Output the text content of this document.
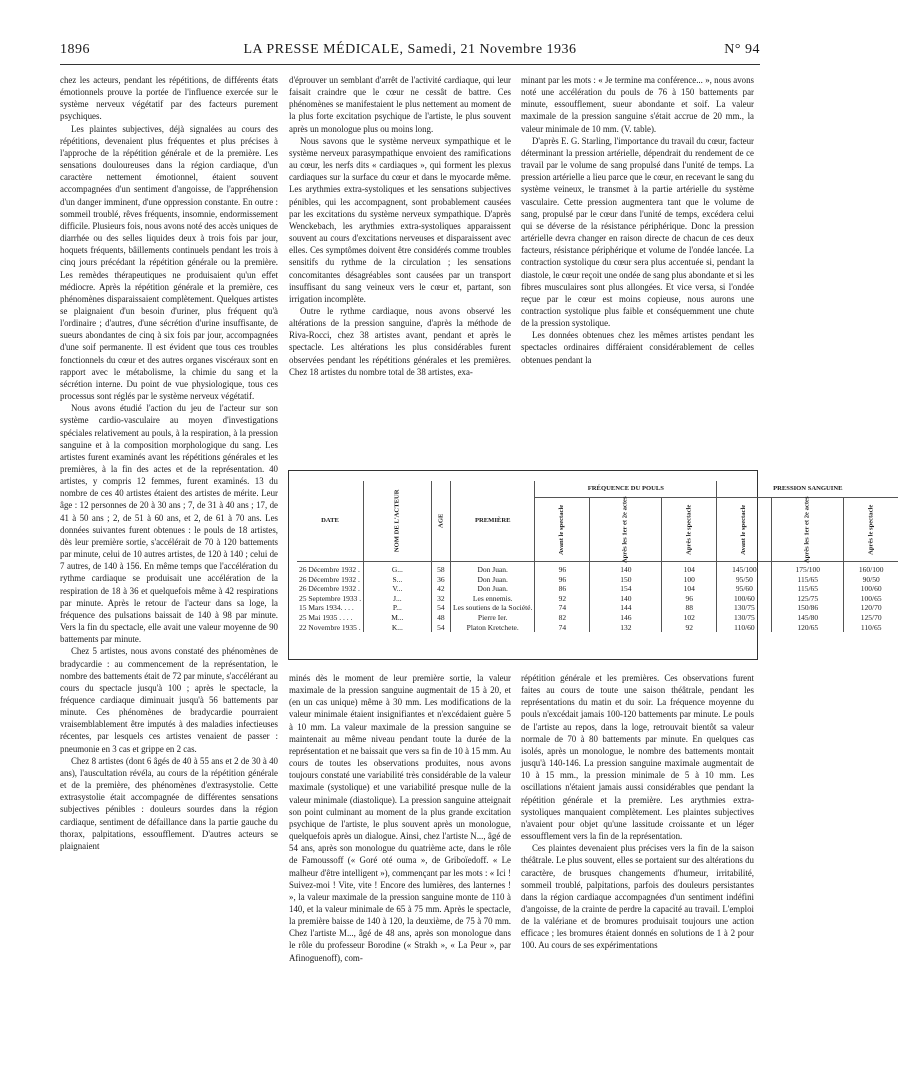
1896	LA PRESSE MÉDICALE, Samedi, 21 Novembre 1936	N° 94

chez les acteurs, pendant les répétitions, de différents états émotionnels prouve la portée de l'influence exercée sur le système nerveux végétatif par des facteurs purement psychiques.

Les plaintes subjectives, déjà signalées au cours des répétitions, devenaient plus fréquentes et plus précises à l'approche de la répétition générale et de la première. Les sensations douloureuses dans la région cardiaque, d'un caractère nettement émotionnel, étaient souvent accompagnées d'un sentiment d'angoisse, de l'appréhension d'un danger imminent, d'une oppression constante. En outre : sommeil troublé, rêves fréquents, insomnie, endormissement difficile. Plusieurs fois, nous avons noté des accès uniques de diarrhée ou des selles liquides deux à trois fois par jour, hoquets fréquents, bâillements continuels pendant les trois à cinq jours précédant la répétition générale ou la première. Les remèdes thérapeutiques ne produisaient qu'un effet médiocre. Après la répétition générale et la première, ces phénomènes disparaissaient complètement. Quelques artistes se plaignaient d'un besoin d'uriner, plus fréquent qu'à l'ordinaire ; d'autres, d'une sécrétion d'urine insuffisante, de sueurs abondantes de cinq à six fois par jour, accompagnées d'une soif permanente. Il est évident que tous ces troubles fonctionnels du cœur et des autres organes viscéraux sont en rapport avec le métabolisme, la chimie du sang et la sécrétion interne. Du point de vue physiologique, tous ces processus sont réglés par le système nerveux végétatif.

Nous avons étudié l'action du jeu de l'acteur sur son système cardio-vasculaire au moyen d'investigations spéciales relativement au pouls, à la respiration, à la pression sanguine et à la composition morphologique du sang. Les artistes furent examinés avant les répétitions générales et les premières, à la fin des actes et de la représentation. 40 artistes, y compris 12 femmes, furent examinés. 13 du nombre de ces 40 artistes étaient des artistes de mérite. Leur âge : 12 personnes de 20 à 30 ans ; 7, de 31 à 40 ans ; 17, de 41 à 50 ans ; 2, de 51 à 60 ans, et 2, de 61 à 70 ans. Les données suivantes furent obtenues : le pouls de 18 artistes, dès leur première sortie, s'accélérait de 70 à 120 battements par minute, celui de 10 autres artistes, de 120 à 140 ; celui de 7 autres, de 140 à 156. En même temps que l'accélération du rythme cardiaque se produisait une accélération de la respiration de 18 à 36 et quelquefois même à 42 respirations par minute. Après le retour de l'acteur dans sa loge, la fréquence des pulsations baissait de 140 à 98 par minute. Vers la fin du spectacle, elle avait une valeur moyenne de 90 battements par minute.

Chez 5 artistes, nous avons constaté des phénomènes de bradycardie : au commencement de la représentation, le nombre des battements était de 72 par minute, s'accélérant au cours du spectacle jusqu'à 100 ; après le spectacle, la fréquence cardiaque diminuait jusqu'à 56 battements par minute. Ces phénomènes de bradycardie pourraient vraisemblablement être imputés à des maladies infectieuses récentes, par lesquels ces artistes venaient de passer : pneumonie en 3 cas et grippe en 2 cas.

Chez 8 artistes (dont 6 âgés de 40 à 55 ans et 2 de 30 à 40 ans), l'auscultation révéla, au cours de la répétition générale et de la première, des phénomènes d'extrasystolie. Cette extrasystolie était accompagnée de différentes sensations subjectives pénibles : douleurs sourdes dans la région cardiaque, sentiment de défaillance dans la partie gauche du thorax, palpitations, essoufflement. D'autres acteurs se plaignaient

d'éprouver un semblant d'arrêt de l'activité cardiaque, qui leur faisait craindre que le cœur ne cessât de battre. Ces phénomènes se manifestaient le plus nettement au moment de la plus forte excitation psychique de l'artiste, le plus souvent après un monologue plus ou moins long.

Nous savons que le système nerveux sympathique et le système nerveux parasympathique envoient des ramifications au cœur, les nerfs dits « cardiaques », qui forment les plexus cardiaques sur la surface du cœur et dans le myocarde même. Les arythmies extra-systoliques et les sensations subjectives pénibles, qui les accompagnent, sont probablement causées par les excitations du système nerveux sympathique. D'après Wenckebach, les arythmies extra-systoliques apparaissent souvent au cours d'excitations nerveuses et disparaissent avec elles. Ces symptômes doivent être considérés comme troubles sensitifs du rythme de la circulation ; les sensations concomitantes désagréables sont causées par un transport insuffisant du sang veineux vers le cœur et, partant, son irrigation incomplète.

Outre le rythme cardiaque, nous avons observé les altérations de la pression sanguine, d'après la méthode de Riva-Rocci, chez 38 artistes avant, pendant et après le spectacle. Les altérations les plus considérables furent observées pendant les répétitions générales et les premières. Chez 18 artistes du nombre total de 38 artistes, exa-

minant par les mots : « Je termine ma conférence... », nous avons noté une accélération du pouls de 76 à 150 battements par minute, essoufflement, sueur abondante et soif. La valeur maximale de la pression sanguine s'était accrue de 20 mm., la valeur minimale de 10 mm. (V. table).

D'après E. G. Starling, l'importance du travail du cœur, facteur déterminant la pression artérielle, dépendrait du rendement de ce travail par le volume de sang propulsé dans l'unité de temps. La pression artérielle a lieu parce que le cœur, en recevant le sang du système veineux, le transmet à la partie artérielle du système vasculaire. Cette pression augmentera tant que le volume de sang, propulsé par le cœur dans l'unité de temps, excédera celui qui se déverse de la résistance périphérique. Donc la pression artérielle devra changer en raison directe de chacun de ces deux facteurs, résistance périphérique et volume de l'ondée lancée. La contraction systolique du cœur sera plus accentuée si, pendant la diastole, le cœur reçoit une ondée de sang plus abondante et si les fibres musculaires sont plus allongées. Et vice versa, si l'ondée reçue par le cœur est moins copieuse, nous aurons une contraction systolique plus faible et conséquemment une chute de la pression systolique.

Les données obtenues chez les mêmes artistes pendant les spectacles ordinaires différaient considérablement de celles obtenues pendant la

DATE	NOM DE L'ACTEUR	AGE	PREMIÈRE	FRÉQUENCE DU POULS			PRESSION SANGUINE		
				Avant le spectacle	Après les 1er et 2e actes	Après le spectacle	Avant le spectacle	Après les 1er et 2e actes	Après le spectacle
26 Décembre 1932 .	G...	58	Don Juan.	96	140	104	145/100	175/100	160/100
26 Décembre 1932 .	S...	36	Don Juan.	96	150	100	95/50	115/65	90/50
26 Décembre 1932 .	V...	42	Don Juan.	86	154	104	95/60	115/65	100/60
25 Septembre 1933 .	J...	32	Les ennemis.	92	140	96	100/60	125/75	100/65
15 Mars 1934. . . .	P...	54	Les soutiens de la Société.	74	144	88	130/75	150/86	120/70
25 Mai 1935 . . . .	M...	48	Pierre Ier.	82	146	102	130/75	145/80	125/70
22 Novembre 1935 .	K...	54	Platon Kretchete.	74	132	92	110/60	120/65	110/65

minés dès le moment de leur première sortie, la valeur maximale de la pression sanguine augmentait de 15 à 20, et (en un cas unique) même à 30 mm. Les modifications de la valeur minimale étaient insignifiantes et n'excédaient guère 5 à 10 mm. La valeur maximale de la pression sanguine se maintenait au même niveau pendant toute la durée de la représentation et ne baissait que vers sa fin de 10 à 15 mm. Au cours de toutes les observations produites, nous avons toujours constaté une variabilité très considérable de la valeur maximale (systolique) et une variabilité presque nulle de la valeur minimale (diastolique). La pression sanguine atteignait son point culminant au moment de la plus grande excitation psychique de l'artiste, le plus souvent après un monologue, quelquefois après un dialogue. Ainsi, chez l'artiste N..., âgé de 54 ans, après son monologue du quatrième acte, dans le rôle de Famoussoff (« Goré oté ouma », de Griboïedoff. « Le malheur d'être intelligent »), commençant par les mots : « Ici ! Suivez-moi ! Vite, vite ! Encore des lumières, des lanternes ! », la valeur maximale de la pression sanguine monte de 110 à 140, et la valeur minimale de 65 à 75 mm. Après le spectacle, la première baisse de 140 à 120, la deuxième, de 75 à 70 mm. Chez l'artiste M..., âgé de 48 ans, après son monologue dans le rôle du professeur Borodine (« Strakh », « La Peur », par Afinoguenoff), com-

répétition générale et les premières. Ces observations furent faites au cours de toute une saison théâtrale, pendant les représentations du matin et du soir. La fréquence moyenne du pouls n'excédait jamais 100-120 battements par minute. Le pouls de l'artiste au repos, dans la loge, retrouvait bientôt sa valeur normale de 70 à 80 battements par minute. En quelques cas isolés, après un monologue, le nombre des battements montait jusqu'à 140-146. La pression sanguine maximale augmentait de 10 à 15 mm., la pression minimale de 5 à 10 mm. Les oscillations n'étaient jamais aussi considérables que pendant la répétition générale et la première. Les arythmies extra-systoliques manquaient complètement. Les plaintes subjectives n'avaient pour objet qu'une lassitude croissante et un léger essoufflement vers la fin de la représentation.

Ces plaintes devenaient plus précises vers la fin de la saison théâtrale. Le plus souvent, elles se portaient sur des altérations du caractère, de brusques changements d'humeur, irritabilité, sommeil troublé, palpitations, parfois des douleurs persistantes dans la région cardiaque accompagnées d'un sentiment indéfini d'angoisse, de la crainte de perdre la capacité au travail. L'emploi de la valériane et de bromures produisait toujours une action efficace ; les bromures étaient donnés en solutions de 1 à 2 pour 100. Au cours de ses expérimentations
